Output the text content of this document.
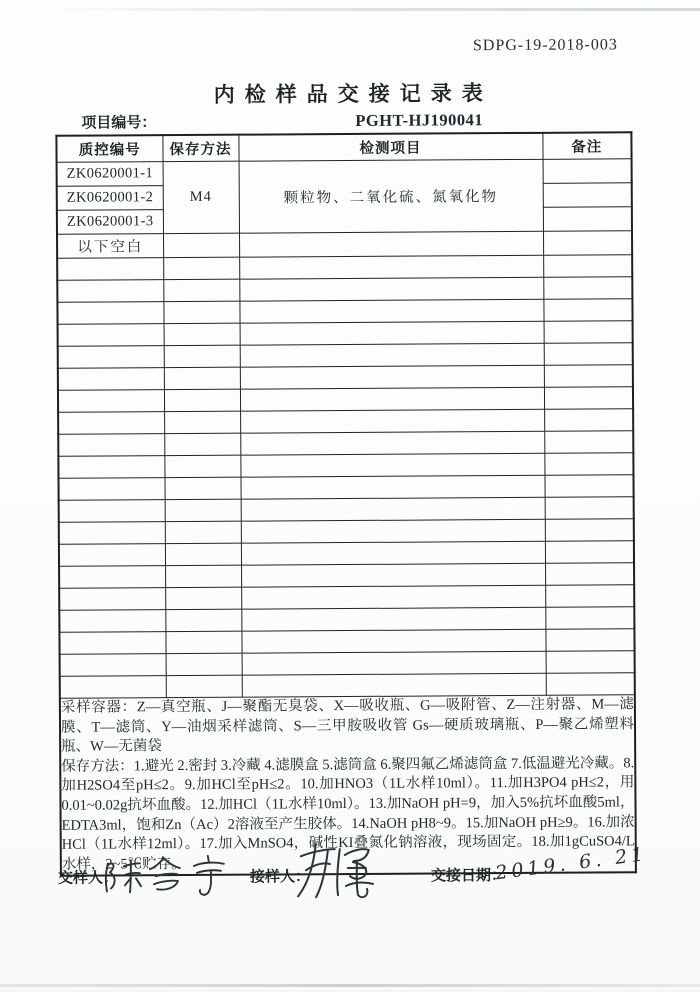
SDPG-19-2018-003
内检样品交接记录表
项目编号：	PGHT-HJ190041
质控编号	保存方法	检测项目	备注
ZK0620001-1	M4	颗粒物、二氧化硫、氮氧化物	
ZK0620001-2			
ZK0620001-3			
以下空白			

采样容器：Z—真空瓶、J—聚酯无臭袋、X—吸收瓶、G—吸附管、Z—注射器、M—滤膜、T—滤筒、Y—油烟采样滤筒、S—三甲胺吸收管 Gs—硬质玻璃瓶、P—聚乙烯塑料瓶、W—无菌袋

保存方法：1.避光 2.密封 3.冷藏 4.滤膜盒 5.滤筒盒 6.聚四氟乙烯滤筒盒 7.低温避光冷藏。8.加H2SO4至pH≤2。9.加HCl至pH≤2。10.加HNO3（1L水样10ml）。11.加H3PO4 pH≤2，用0.01~0.02g抗坏血酸。12.加HCl（1L水样10ml）。13.加NaOH pH=9，加入5%抗坏血酸5ml，EDTA3ml，饱和Zn（Ac）2溶液至产生胶体。14.NaOH pH8~9。15.加NaOH pH≥9。16.加浓HCl（1L水样12ml）。17.加入MnSO4，碱性KI叠氮化钠溶液，现场固定。18.加1gCuSO4/L水样，2~5℃贮存。			

交样人：	接样人：	交接日期：
2019. 6. 21
